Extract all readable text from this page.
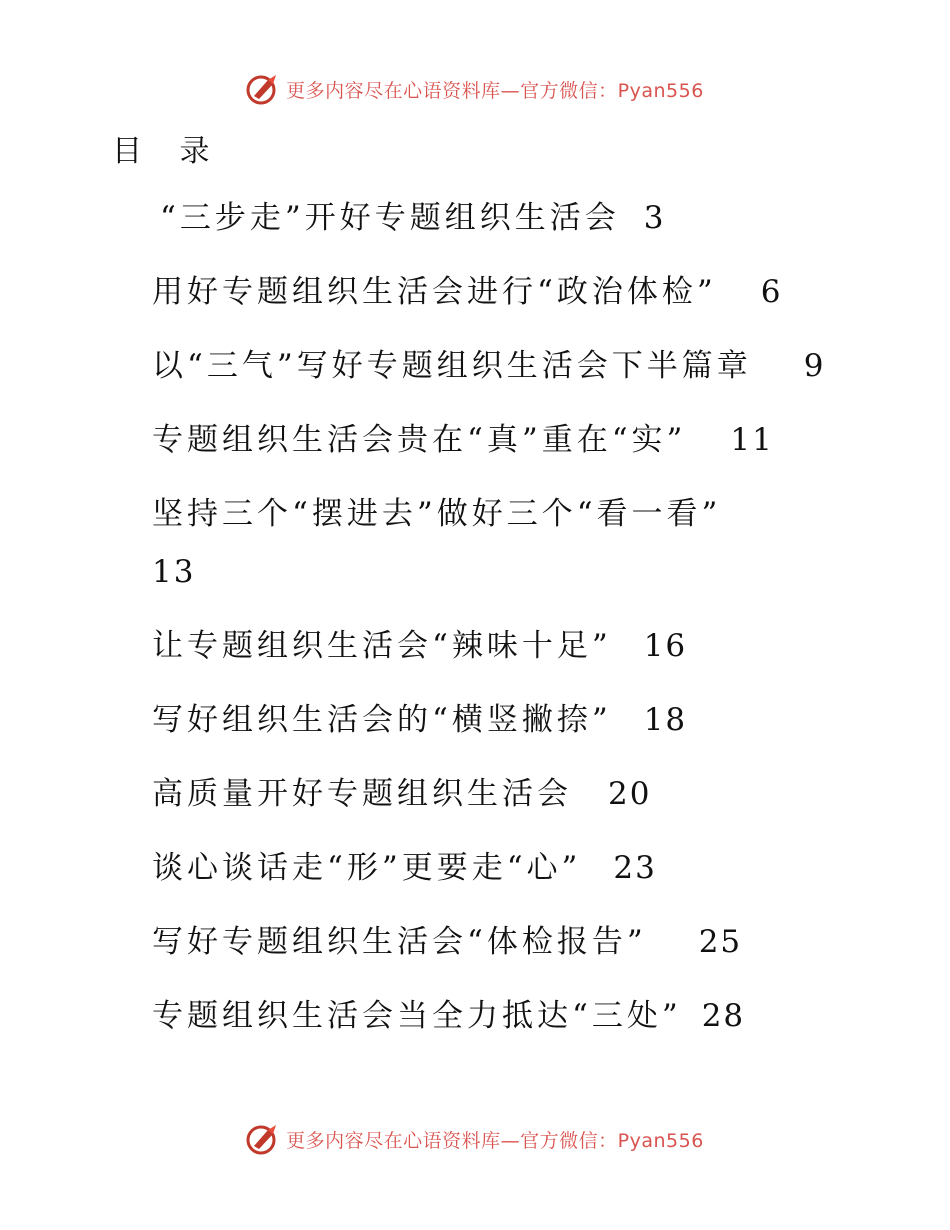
更多内容尽在心语资料库—官方微信：Pyan556
目 录
“三步走”开好专题组织生活会 3
用好专题组织生活会进行“政治体检” 6
以“三气”写好专题组织生活会下半篇章 9
专题组织生活会贵在“真”重在“实” 11
坚持三个“摆进去”做好三个“看一看”
13
让专题组织生活会“辣味十足” 16
写好组织生活会的“横竖撇捺” 18
高质量开好专题组织生活会 20
谈心谈话走“形”更要走“心” 23
写好专题组织生活会“体检报告” 25
专题组织生活会当全力抵达“三处” 28
更多内容尽在心语资料库—官方微信：Pyan556
